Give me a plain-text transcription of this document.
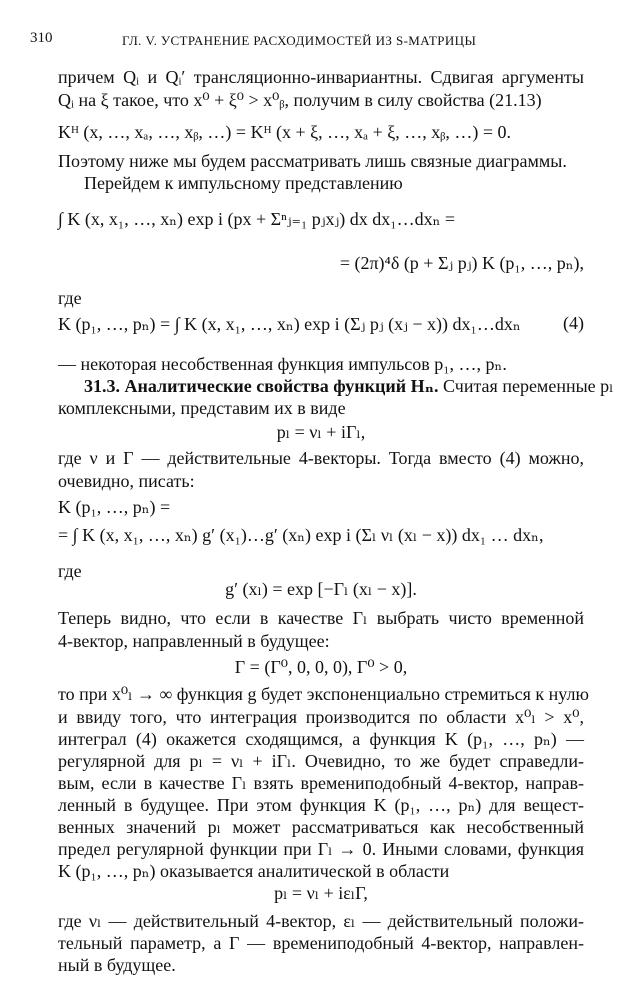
310	ГЛ. V. УСТРАНЕНИЕ РАСХОДИМОСТЕЙ ИЗ S-МАТРИЦЫ
причем Qᵢ и Qᵢ′ трансляционно-инвариантны. Сдвигая аргументы
Qᵢ на ξ такое, что x⁰ + ξ⁰ > x⁰ᵦ, получим в силу свойства (21.13)
Kᴴ (x, …, xₐ, …, xᵦ, …) = Kᴴ (x + ξ, …, xₐ + ξ, …, xᵦ, …) = 0.
Поэтому ниже мы будем рассматривать лишь связные диаграммы.
Перейдем к импульсному представлению
∫ K (x, x₁, …, xₙ) exp i (px + Σⁿⱼ₌₁ pⱼxⱼ) dx dx₁…dxₙ =
= (2π)⁴δ (p + Σⱼ pⱼ) K (p₁, …, pₙ),
где
K (p₁, …, pₙ) = ∫ K (x, x₁, …, xₙ) exp i (Σⱼ pⱼ (xⱼ − x)) dx₁…dxₙ	(4)
— некоторая несобственная функция импульсов p₁, …, pₙ.
31.3. Аналитические свойства функций Hₙ. Считая переменные pₗ
комплексными, представим их в виде
pₗ = νₗ + iΓₗ,
где ν и Γ — действительные 4-векторы. Тогда вместо (4) можно,
очевидно, писать:
K (p₁, …, pₙ) =
= ∫ K (x, x₁, …, xₙ) g′ (x₁)…g′ (xₙ) exp i (Σₗ νₗ (xₗ − x)) dx₁ … dxₙ,
где
g′ (xₗ) = exp [−Γₗ (xₗ − x)].
Теперь видно, что если в качестве Γₗ выбрать чисто временной
4-вектор, направленный в будущее:
Γ = (Γ⁰, 0, 0, 0), Γ⁰ > 0,
то при x⁰ₗ → ∞ функция g будет экспоненциально стремиться к нулю
и ввиду того, что интеграция производится по области x⁰ₗ > x⁰,
интеграл (4) окажется сходящимся, а функция K (p₁, …, pₙ) —
регулярной для pₗ = νₗ + iΓₗ. Очевидно, то же будет справедли-
вым, если в качестве Γₗ взять времениподобный 4-вектор, направ-
ленный в будущее. При этом функция K (p₁, …, pₙ) для вещест-
венных значений pₗ может рассматриваться как несобственный
предел регулярной функции при Γₗ → 0. Иными словами, функция
K (p₁, …, pₙ) оказывается аналитической в области
pₗ = νₗ + iεₗΓ,
где νₗ — действительный 4-вектор, εₗ — действительный положи-
тельный параметр, а Γ — времениподобный 4-вектор, направлен-
ный в будущее.
